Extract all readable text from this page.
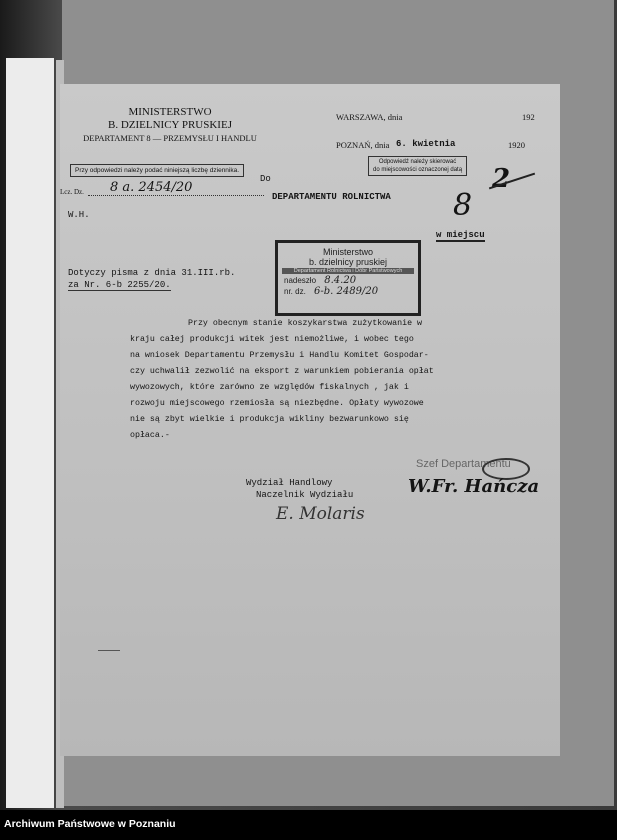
MINISTERSTWO
B. DZIELNICY PRUSKIEJ
DEPARTAMENT 8 — PRZEMYSŁU I HANDLU
Przy odpowiedzi należy podać niniejszą liczbę dziennika.
Lcz. Dz. 8 a. 2454/20
WARSZAWA, dnia	192
POZNAŃ, dnia 6. kwietnia	1920
Odpowiedź należy skierować
do miejscowości oznaczonej datą 2
Do
DEPARTAMENTU ROLNICTWA 8
w miejscu
W.H.
Dotyczy pisma z dnia 31.III.rb.
za Nr. 6-b 2255/20.
Ministerstwo
b. dzielnicy pruskiej
Departament Rolnictwa i Dóbr Państwowych
nadeszło 8.4.20
nr. dz. 6-b. 2489/20
Przy obecnym stanie koszykarstwa zużytkowanie w
kraju całej produkcji witek jest niemożliwe, i wobec tego
na wniosek Departamentu Przemysłu i Handlu Komitet Gospodar-
czy uchwalił zezwolić na eksport z warunkiem pobierania opłat
wywozowych, które zarówno ze względów fiskalnych , jak i
rozwoju miejscowego rzemiosła są niezbędne. Opłaty wywozowe
nie są zbyt wielkie i produkcja wikliny bezwarunkowo się
opłaca.-
Wydział Handlowy
Naczelnik Wydziału
E. Molaris
Szef Departamentu
W.Fr. Hańcza
Archiwum Państwowe w Poznaniu
